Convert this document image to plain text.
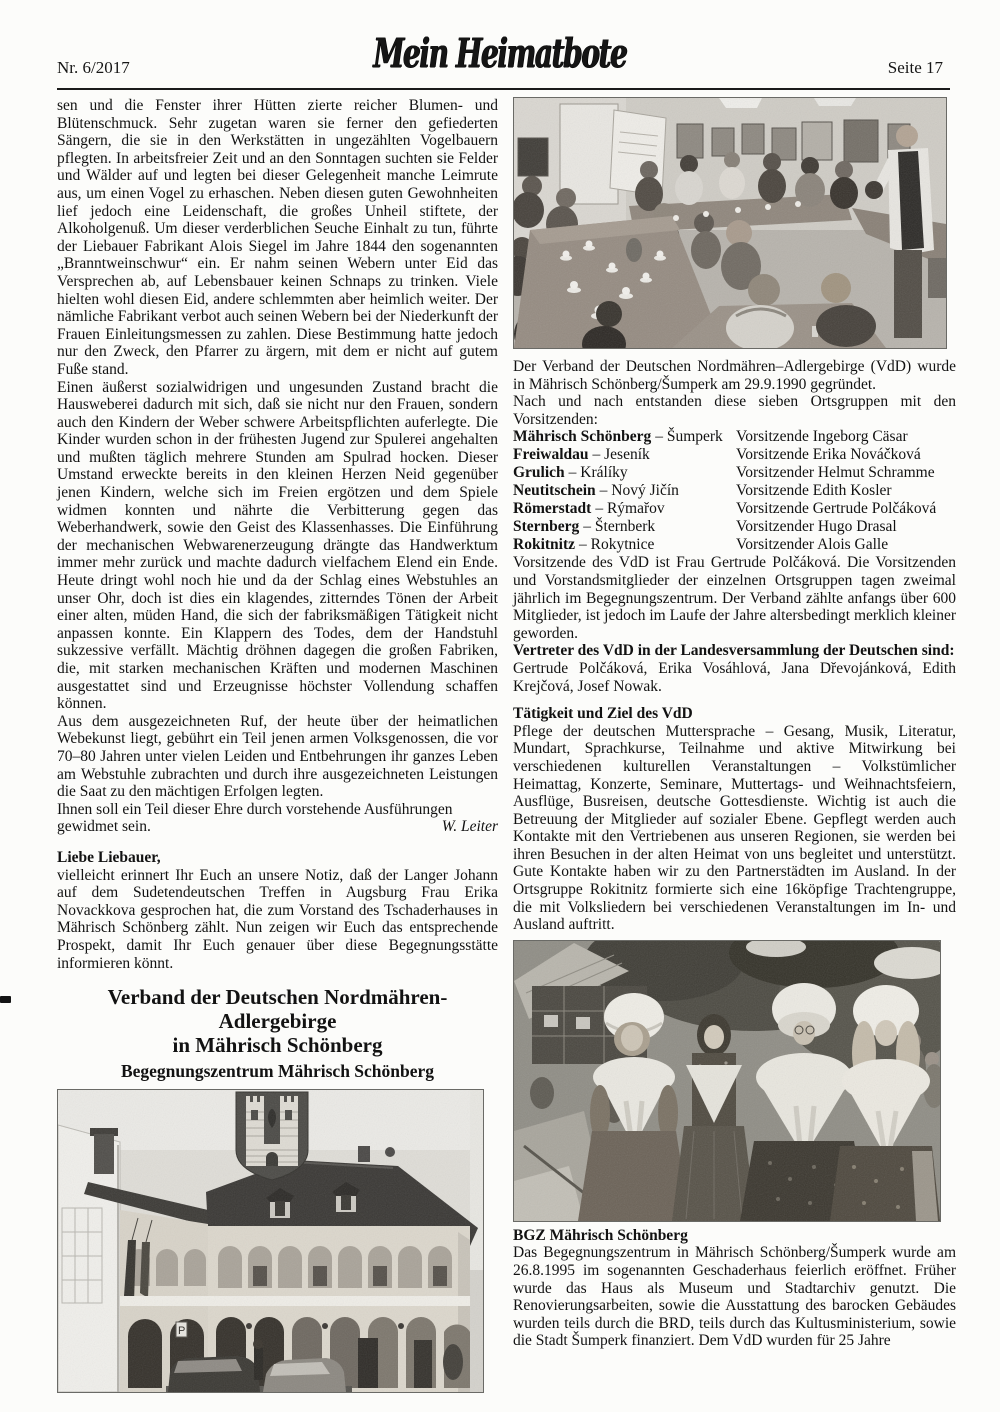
Nr. 6/2017	Mein Heimatbote	Seite 17

sen und die Fenster ihrer Hütten zierte reicher Blumen- und Blütenschmuck. Sehr zugetan waren sie ferner den gefiederten Sängern, die sie in den Werkstätten in ungezählten Vogelbauern pflegten. In arbeitsfreier Zeit und an den Sonntagen suchten sie Felder und Wälder auf und legten bei dieser Gelegenheit manche Leimrute aus, um einen Vogel zu erhaschen. Neben diesen guten Gewohnheiten lief jedoch eine Leidenschaft, die großes Unheil stiftete, der Alkoholgenuß. Um dieser verderblichen Seuche Einhalt zu tun, führte der Liebauer Fabrikant Alois Siegel im Jahre 1844 den sogenannten „Branntweinschwur“ ein. Er nahm seinen Webern unter Eid das Versprechen ab, auf Lebensbauer keinen Schnaps zu trinken. Viele hielten wohl diesen Eid, andere schlemmten aber heimlich weiter. Der nämliche Fabrikant verbot auch seinen Webern bei der Niederkunft der Frauen Einleitungsmessen zu zahlen. Diese Bestimmung hatte jedoch nur den Zweck, den Pfarrer zu ärgern, mit dem er nicht auf gutem Fuße stand.

Einen äußerst sozialwidrigen und ungesunden Zustand bracht die Hausweberei dadurch mit sich, daß sie nicht nur den Frauen, sondern auch den Kindern der Weber schwere Arbeitspflichten auferlegte. Die Kinder wurden schon in der frühesten Jugend zur Spulerei angehalten und mußten täglich mehrere Stunden am Spulrad hocken. Dieser Umstand erweckte bereits in den kleinen Herzen Neid gegenüber jenen Kindern, welche sich im Freien ergötzen und dem Spiele widmen konnten und nährte die Verbitterung gegen das Weberhandwerk, sowie den Geist des Klassenhasses. Die Einführung der mechanischen Webwarenerzeugung drängte das Handwerktum immer mehr zurück und machte dadurch vielfachem Elend ein Ende. Heute dringt wohl noch hie und da der Schlag eines Webstuhles an unser Ohr, doch ist dies ein klagendes, zitterndes Tönen der Arbeit einer alten, müden Hand, die sich der fabriksmäßigen Tätigkeit nicht anpassen konnte. Ein Klappern des Todes, dem der Handstuhl sukzessive verfällt. Mächtig dröhnen dagegen die großen Fabriken, die, mit starken mechanischen Kräften und modernen Maschinen ausgestattet sind und Erzeugnisse höchster Vollendung schaffen können.

Aus dem ausgezeichneten Ruf, der heute über der heimatlichen Webekunst liegt, gebührt ein Teil jenen armen Volksgenossen, die vor 70–80 Jahren unter vielen Leiden und Entbehrungen ihr ganzes Leben am Webstuhle zubrachten und durch ihre ausgezeichneten Leistungen die Saat zu den mächtigen Erfolgen legten.

Ihnen soll ein Teil dieser Ehre durch vorstehende Ausführungen

gewidmet sein.	W. Leiter

Liebe Liebauer,

vielleicht erinnert Ihr Euch an unsere Notiz, daß der Langer Johann auf dem Sudetendeutschen Treffen in Augsburg Frau Erika Novackkova gesprochen hat, die zum Vorstand des Tschaderhauses in Mährisch Schönberg zählt. Nun zeigen wir Euch das entsprechende Prospekt, damit Ihr Euch genauer über diese Begegnungsstätte informieren könnt.

Verband der Deutschen Nordmähren-Adlergebirge
in Mährisch Schönberg
Begegnungszentrum Mährisch Schönberg
P

Der Verband der Deutschen Nordmähren–Adlergebirge (VdD) wurde in Mährisch Schönberg/Šumperk am 29.9.1990 gegründet.

Nach und nach entstanden diese sieben Ortsgruppen mit den Vorsitzenden:

Mährisch Schönberg – Šumperk Vorsitzende Ingeborg Cäsar
Freiwaldau – Jeseník	Vorsitzende Erika Nováčková
Grulich – Králíky	Vorsitzender Helmut Schramme
Neutitschein – Nový Jičín	Vorsitzende Edith Kosler
Römerstadt – Rýmařov	Vorsitzende Gertrude Polčáková
Sternberg – Šternberk	Vorsitzender Hugo Drasal
Rokitnitz – Rokytnice	Vorsitzender Alois Galle

Vorsitzende des VdD ist Frau Gertrude Polčáková. Die Vorsitzenden und Vorstandsmitglieder der einzelnen Ortsgruppen tagen zweimal jährlich im Begegnungszentrum. Der Verband zählte anfangs über 600 Mitglieder, ist jedoch im Laufe der Jahre altersbedingt merklich kleiner geworden.

Vertreter des VdD in der Landesversammlung der Deutschen sind:

Gertrude Polčáková, Erika Vosáhlová, Jana Dřevojánková, Edith Krejčová, Josef Nowak.

Tätigkeit und Ziel des VdD

Pflege der deutschen Muttersprache – Gesang, Musik, Literatur, Mundart, Sprachkurse, Teilnahme und aktive Mitwirkung bei verschiedenen kulturellen Veranstaltungen – Volkstümlicher Heimattag, Konzerte, Seminare, Muttertags- und Weihnachtsfeiern, Ausflüge, Busreisen, deutsche Gottesdienste. Wichtig ist auch die Betreuung der Mitglieder auf sozialer Ebene. Gepflegt werden auch Kontakte mit den Vertriebenen aus unseren Regionen, sie werden bei ihren Besuchen in der alten Heimat von uns begleitet und unterstützt. Gute Kontakte haben wir zu den Partnerstädten im Ausland. In der Ortsgruppe Rokitnitz formierte sich eine 16köpfige Trachtengruppe, die mit Volksliedern bei verschiedenen Veranstaltungen im In- und Ausland auftritt.

BGZ Mährisch Schönberg

Das Begegnungszentrum in Mährisch Schönberg/Šumperk wurde am 26.8.1995 im sogenannten Geschaderhaus feierlich eröffnet. Früher wurde das Haus als Museum und Stadtarchiv genutzt. Die Renovierungsarbeiten, sowie die Ausstattung des barocken Gebäudes wurden teils durch die BRD, teils durch das Kultusministerium, sowie die Stadt Šumperk finanziert. Dem VdD wurden für 25 Jahre
